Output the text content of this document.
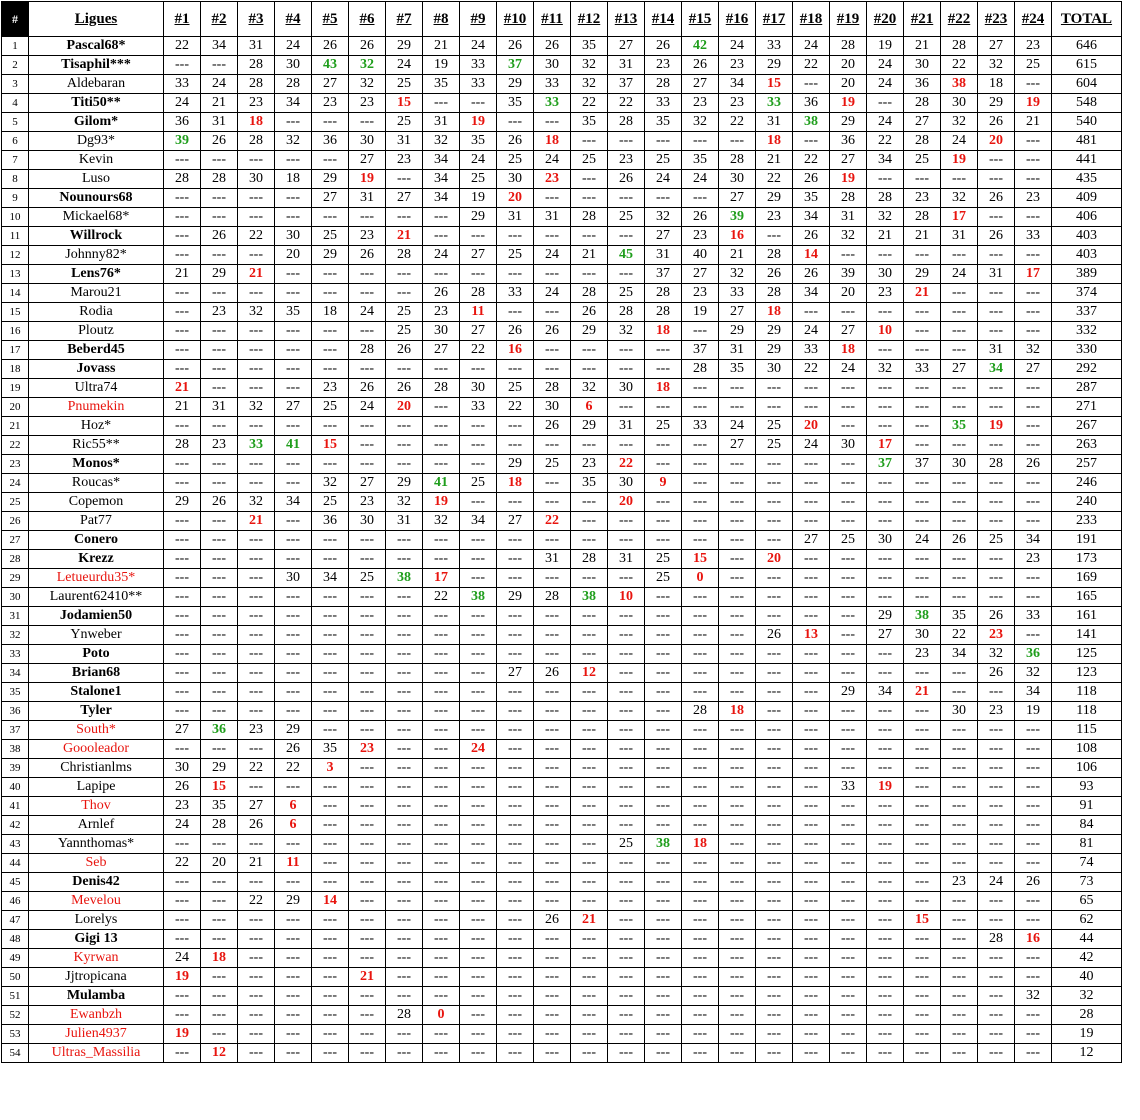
#	Ligues	#1	#2	#3	#4	#5	#6	#7	#8	#9	#10	#11	#12	#13	#14	#15	#16	#17	#18	#19	#20	#21	#22	#23	#24	TOTAL
1	Pascal68*	22	34	31	24	26	26	29	21	24	26	26	35	27	26	42	24	33	24	28	19	21	28	27	23	646
2	Tisaphil***	---	---	28	30	43	32	24	19	33	37	30	32	31	23	26	23	29	22	20	24	30	22	32	25	615
3	Aldebaran	33	24	28	28	27	32	25	35	33	29	33	32	37	28	27	34	15	---	20	24	36	38	18	---	604
4	Titi50**	24	21	23	34	23	23	15	---	---	35	33	22	22	33	23	23	33	36	19	---	28	30	29	19	548
5	Gilom*	36	31	18	---	---	---	25	31	19	---	---	35	28	35	32	22	31	38	29	24	27	32	26	21	540
6	Dg93*	39	26	28	32	36	30	31	32	35	26	18	---	---	---	---	---	18	---	36	22	28	24	20	---	481
7	Kevin	---	---	---	---	---	27	23	34	24	25	24	25	23	25	35	28	21	22	27	34	25	19	---	---	441
8	Luso	28	28	30	18	29	19	---	34	25	30	23	---	26	24	24	30	22	26	19	---	---	---	---	---	435
9	Nounours68	---	---	---	---	27	31	27	34	19	20	---	---	---	---	---	27	29	35	28	28	23	32	26	23	409
10	Mickael68*	---	---	---	---	---	---	---	---	29	31	31	28	25	32	26	39	23	34	31	32	28	17	---	---	406
11	Willrock	---	26	22	30	25	23	21	---	---	---	---	---	---	27	23	16	---	26	32	21	21	31	26	33	403
12	Johnny82*	---	---	---	20	29	26	28	24	27	25	24	21	45	31	40	21	28	14	---	---	---	---	---	---	403
13	Lens76*	21	29	21	---	---	---	---	---	---	---	---	---	---	37	27	32	26	26	39	30	29	24	31	17	389
14	Marou21	---	---	---	---	---	---	---	26	28	33	24	28	25	28	23	33	28	34	20	23	21	---	---	---	374
15	Rodia	---	23	32	35	18	24	25	23	11	---	---	26	28	28	19	27	18	---	---	---	---	---	---	---	337
16	Ploutz	---	---	---	---	---	---	25	30	27	26	26	29	32	18	---	29	29	24	27	10	---	---	---	---	332
17	Beberd45	---	---	---	---	---	28	26	27	22	16	---	---	---	---	37	31	29	33	18	---	---	---	31	32	330
18	Jovass	---	---	---	---	---	---	---	---	---	---	---	---	---	---	28	35	30	22	24	32	33	27	34	27	292
19	Ultra74	21	---	---	---	23	26	26	28	30	25	28	32	30	18	---	---	---	---	---	---	---	---	---	---	287
20	Pnumekin	21	31	32	27	25	24	20	---	33	22	30	6	---	---	---	---	---	---	---	---	---	---	---	---	271
21	Hoz*	---	---	---	---	---	---	---	---	---	---	26	29	31	25	33	24	25	20	---	---	---	35	19	---	267
22	Ric55**	28	23	33	41	15	---	---	---	---	---	---	---	---	---	---	27	25	24	30	17	---	---	---	---	263
23	Monos*	---	---	---	---	---	---	---	---	---	29	25	23	22	---	---	---	---	---	---	37	37	30	28	26	257
24	Roucas*	---	---	---	---	32	27	29	41	25	18	---	35	30	9	---	---	---	---	---	---	---	---	---	---	246
25	Copemon	29	26	32	34	25	23	32	19	---	---	---	---	20	---	---	---	---	---	---	---	---	---	---	---	240
26	Pat77	---	---	21	---	36	30	31	32	34	27	22	---	---	---	---	---	---	---	---	---	---	---	---	---	233
27	Conero	---	---	---	---	---	---	---	---	---	---	---	---	---	---	---	---	---	27	25	30	24	26	25	34	191
28	Krezz	---	---	---	---	---	---	---	---	---	---	31	28	31	25	15	---	20	---	---	---	---	---	---	23	173
29	Letueurdu35*	---	---	---	30	34	25	38	17	---	---	---	---	---	25	0	---	---	---	---	---	---	---	---	---	169
30	Laurent62410**	---	---	---	---	---	---	---	22	38	29	28	38	10	---	---	---	---	---	---	---	---	---	---	---	165
31	Jodamien50	---	---	---	---	---	---	---	---	---	---	---	---	---	---	---	---	---	---	---	29	38	35	26	33	161
32	Ynweber	---	---	---	---	---	---	---	---	---	---	---	---	---	---	---	---	26	13	---	27	30	22	23	---	141
33	Poto	---	---	---	---	---	---	---	---	---	---	---	---	---	---	---	---	---	---	---	---	23	34	32	36	125
34	Brian68	---	---	---	---	---	---	---	---	---	27	26	12	---	---	---	---	---	---	---	---	---	---	26	32	123
35	Stalone1	---	---	---	---	---	---	---	---	---	---	---	---	---	---	---	---	---	---	29	34	21	---	---	34	118
36	Tyler	---	---	---	---	---	---	---	---	---	---	---	---	---	---	28	18	---	---	---	---	---	30	23	19	118
37	South*	27	36	23	29	---	---	---	---	---	---	---	---	---	---	---	---	---	---	---	---	---	---	---	---	115
38	Goooleador	---	---	---	26	35	23	---	---	24	---	---	---	---	---	---	---	---	---	---	---	---	---	---	---	108
39	Christianlms	30	29	22	22	3	---	---	---	---	---	---	---	---	---	---	---	---	---	---	---	---	---	---	---	106
40	Lapipe	26	15	---	---	---	---	---	---	---	---	---	---	---	---	---	---	---	---	33	19	---	---	---	---	93
41	Thov	23	35	27	6	---	---	---	---	---	---	---	---	---	---	---	---	---	---	---	---	---	---	---	---	91
42	Arnlef	24	28	26	6	---	---	---	---	---	---	---	---	---	---	---	---	---	---	---	---	---	---	---	---	84
43	Yannthomas*	---	---	---	---	---	---	---	---	---	---	---	---	25	38	18	---	---	---	---	---	---	---	---	---	81
44	Seb	22	20	21	11	---	---	---	---	---	---	---	---	---	---	---	---	---	---	---	---	---	---	---	---	74
45	Denis42	---	---	---	---	---	---	---	---	---	---	---	---	---	---	---	---	---	---	---	---	---	23	24	26	73
46	Mevelou	---	---	22	29	14	---	---	---	---	---	---	---	---	---	---	---	---	---	---	---	---	---	---	---	65
47	Lorelys	---	---	---	---	---	---	---	---	---	---	26	21	---	---	---	---	---	---	---	---	15	---	---	---	62
48	Gigi 13	---	---	---	---	---	---	---	---	---	---	---	---	---	---	---	---	---	---	---	---	---	---	28	16	44
49	Kyrwan	24	18	---	---	---	---	---	---	---	---	---	---	---	---	---	---	---	---	---	---	---	---	---	---	42
50	Jjtropicana	19	---	---	---	---	21	---	---	---	---	---	---	---	---	---	---	---	---	---	---	---	---	---	---	40
51	Mulamba	---	---	---	---	---	---	---	---	---	---	---	---	---	---	---	---	---	---	---	---	---	---	---	32	32
52	Ewanbzh	---	---	---	---	---	---	28	0	---	---	---	---	---	---	---	---	---	---	---	---	---	---	---	---	28
53	Julien4937	19	---	---	---	---	---	---	---	---	---	---	---	---	---	---	---	---	---	---	---	---	---	---	---	19
54	Ultras_Massilia	---	12	---	---	---	---	---	---	---	---	---	---	---	---	---	---	---	---	---	---	---	---	---	---	12
